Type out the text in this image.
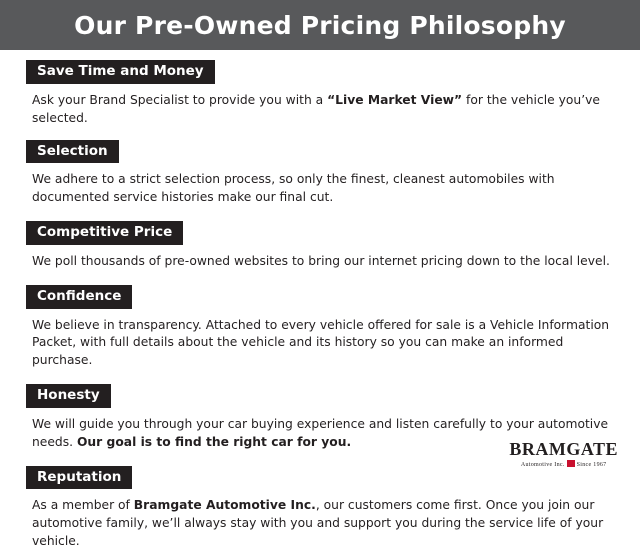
Our Pre-Owned Pricing Philosophy
Save Time and Money
Ask your Brand Specialist to provide you with a “Live Market View” for the vehicle you’ve selected.
Selection
We adhere to a strict selection process, so only the finest, cleanest automobiles with documented service histories make our final cut.
Competitive Price
We poll thousands of pre-owned websites to bring our internet pricing down to the local level.
Confidence
We believe in transparency. Attached to every vehicle offered for sale is a Vehicle Information Packet, with full details about the vehicle and its history so you can make an informed purchase.
Honesty
We will guide you through your car buying experience and listen carefully to your automotive needs. Our goal is to find the right car for you.
Reputation
As a member of Bramgate Automotive Inc., our customers come first. Once you join our automotive family, we’ll always stay with you and support you during the service life of your vehicle.
BRAMGATE
Automotive Inc. Since 1967
